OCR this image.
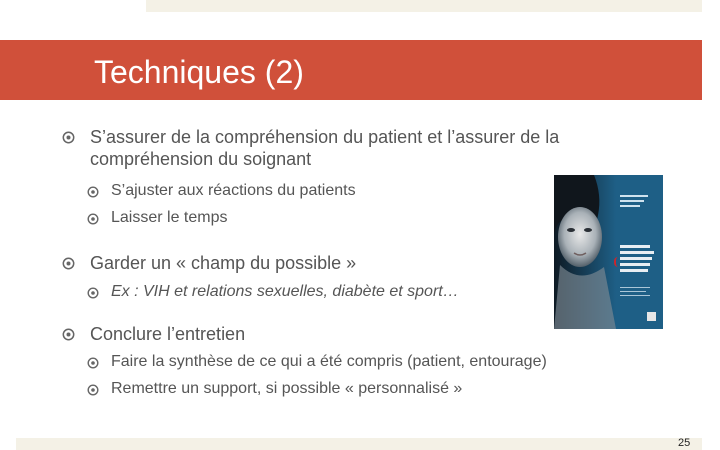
Techniques (2)
S’assurer de la compréhension du patient et l’assurer de la
compréhension du soignant
S’ajuster aux réactions du patients
Laisser le temps
Garder un « champ du possible »
Ex : VIH et relations sexuelles, diabète et sport…
Conclure l’entretien
Faire la synthèse de ce qui a été compris (patient, entourage)
Remettre un support, si possible « personnalisé »
25
